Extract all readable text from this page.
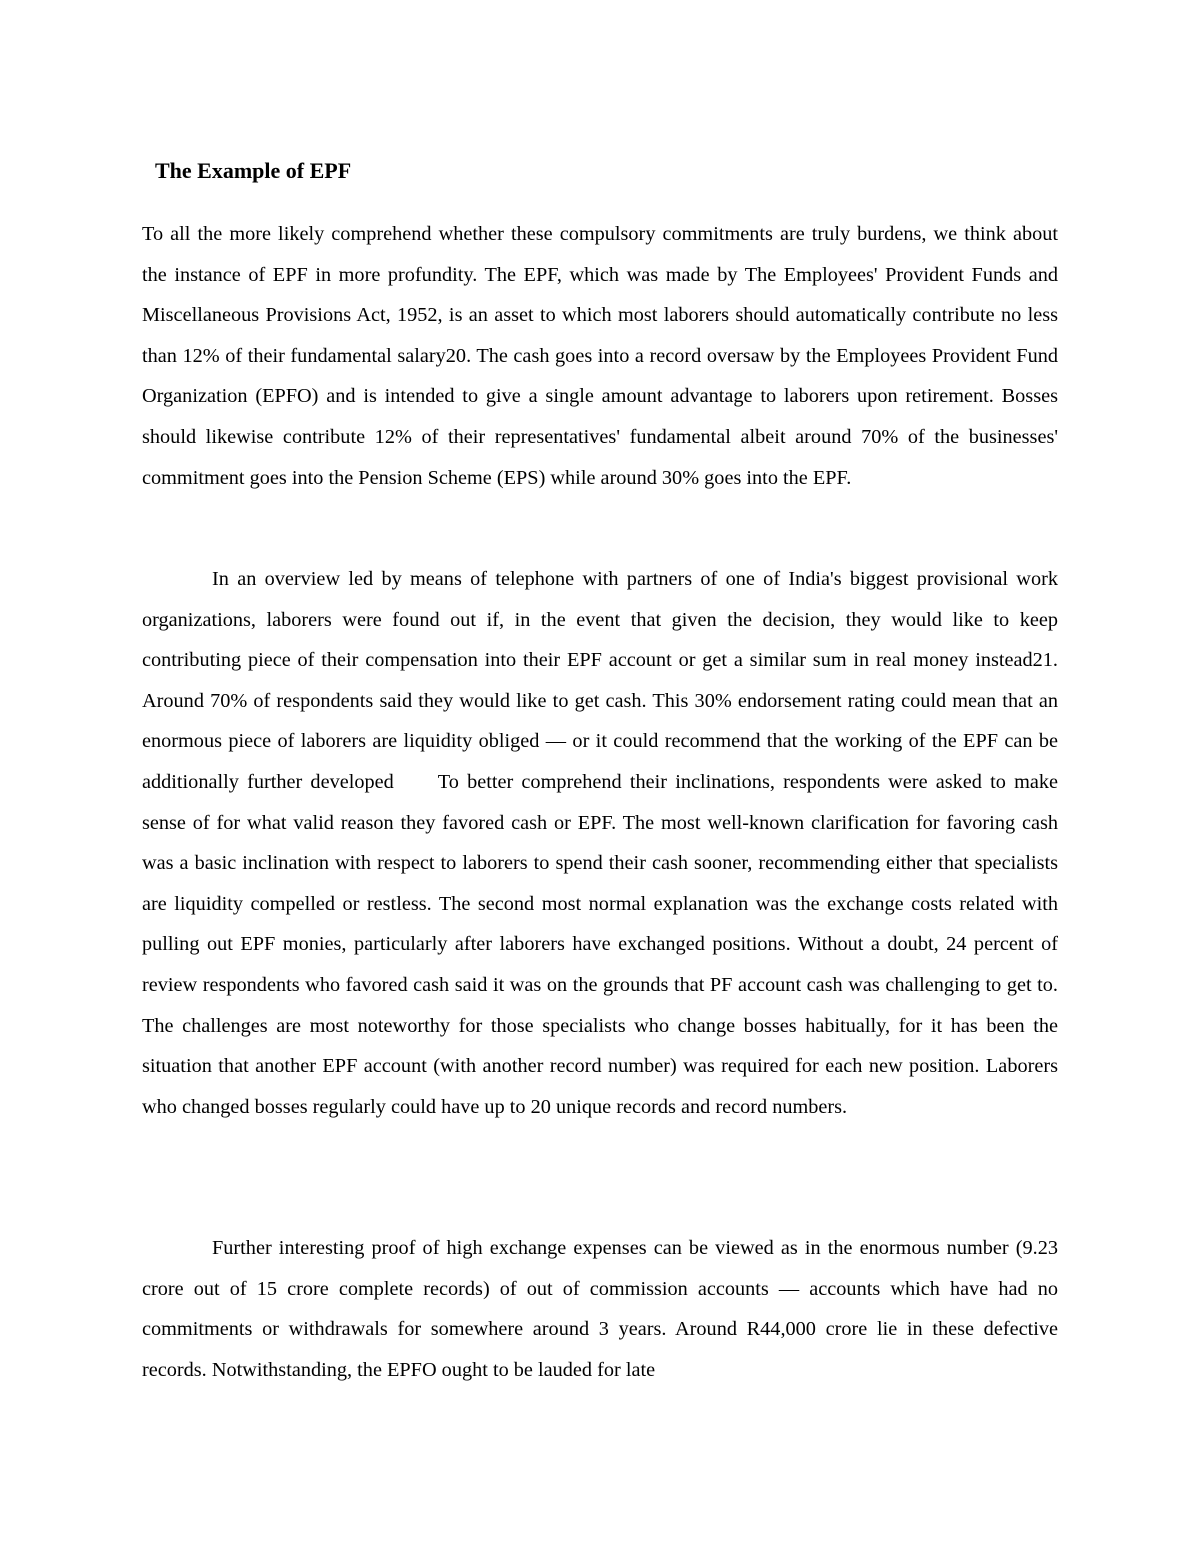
The Example of EPF

To all the more likely comprehend whether these compulsory commitments are truly burdens, we think about the instance of EPF in more profundity. The EPF, which was made by The Employees' Provident Funds and Miscellaneous Provisions Act, 1952, is an asset to which most laborers should automatically contribute no less than 12% of their fundamental salary20. The cash goes into a record oversaw by the Employees Provident Fund Organization (EPFO) and is intended to give a single amount advantage to laborers upon retirement. Bosses should likewise contribute 12% of their representatives' fundamental albeit around 70% of the businesses' commitment goes into the Pension Scheme (EPS) while around 30% goes into the EPF.

In an overview led by means of telephone with partners of one of India's biggest provisional work organizations, laborers were found out if, in the event that given the decision, they would like to keep contributing piece of their compensation into their EPF account or get a similar sum in real money instead21. Around 70% of respondents said they would like to get cash. This 30% endorsement rating could mean that an enormous piece of laborers are liquidity obliged — or it could recommend that the working of the EPF can be additionally further developed To better comprehend their inclinations, respondents were asked to make sense of for what valid reason they favored cash or EPF. The most well-known clarification for favoring cash was a basic inclination with respect to laborers to spend their cash sooner, recommending either that specialists are liquidity compelled or restless. The second most normal explanation was the exchange costs related with pulling out EPF monies, particularly after laborers have exchanged positions. Without a doubt, 24 percent of review respondents who favored cash said it was on the grounds that PF account cash was challenging to get to. The challenges are most noteworthy for those specialists who change bosses habitually, for it has been the situation that another EPF account (with another record number) was required for each new position. Laborers who changed bosses regularly could have up to 20 unique records and record numbers.

Further interesting proof of high exchange expenses can be viewed as in the enormous number (9.23 crore out of 15 crore complete records) of out of commission accounts — accounts which have had no commitments or withdrawals for somewhere around 3 years. Around R44,000 crore lie in these defective records. Notwithstanding, the EPFO ought to be lauded for late
